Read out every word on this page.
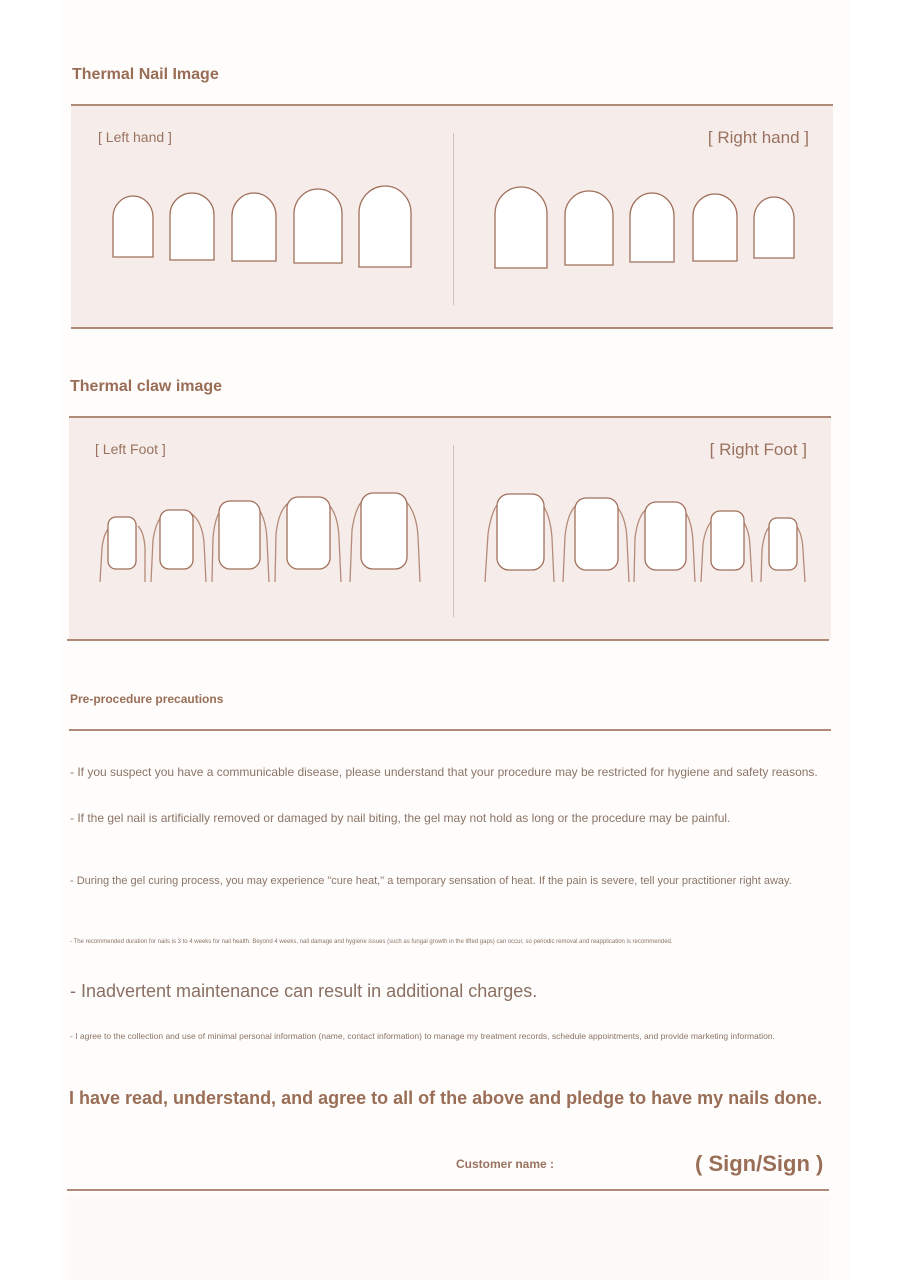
Thermal Nail Image
[ Left hand ]	[ Right hand ]
Thermal claw image
[ Left Foot ]	[ Right Foot ]
Pre-procedure precautions
- If you suspect you have a communicable disease, please understand that your procedure may be restricted for hygiene and safety reasons.
- If the gel nail is artificially removed or damaged by nail biting, the gel may not hold as long or the procedure may be painful.
- During the gel curing process, you may experience "cure heat," a temporary sensation of heat. If the pain is severe, tell your practitioner right away.
- The recommended duration for nails is 3 to 4 weeks for nail health. Beyond 4 weeks, nail damage and hygiene issues (such as fungal growth in the lifted gaps) can occur, so periodic removal and reapplication is recommended.
- Inadvertent maintenance can result in additional charges.
- I agree to the collection and use of minimal personal information (name, contact information) to manage my treatment records, schedule appointments, and provide marketing information.
I have read, understand, and agree to all of the above and pledge to have my nails done.
Customer name :	( Sign/Sign )
